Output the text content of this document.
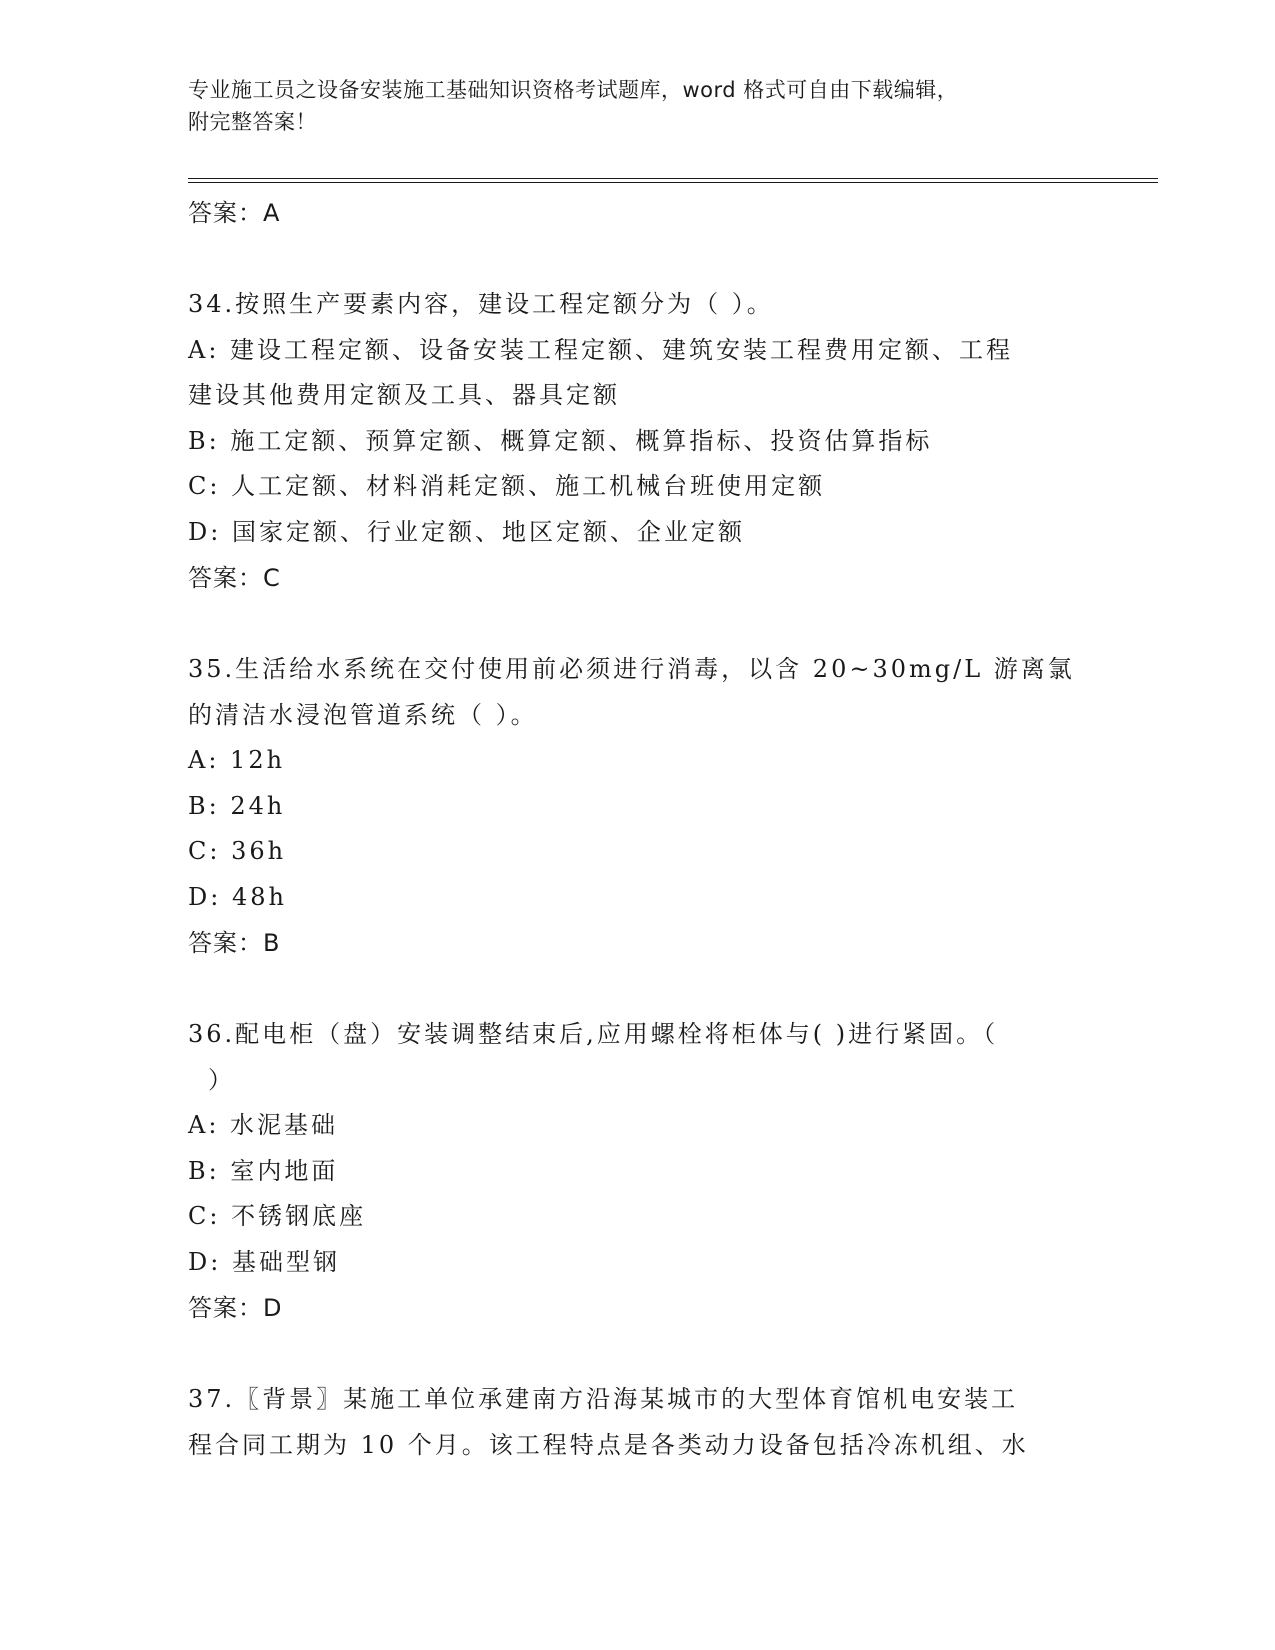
专业施工员之设备安装施工基础知识资格考试题库，word 格式可自由下载编辑，
附完整答案！
答案：A
34.按照生产要素内容，建设工程定额分为（ ）。
A: 建设工程定额、设备安装工程定额、建筑安装工程费用定额、工程
建设其他费用定额及工具、器具定额
B: 施工定额、预算定额、概算定额、概算指标、投资估算指标
C: 人工定额、材料消耗定额、施工机械台班使用定额
D: 国家定额、行业定额、地区定额、企业定额
答案：C
35.生活给水系统在交付使用前必须进行消毒，以含 20~30mg/L 游离氯
的清洁水浸泡管道系统（ ）。
A: 12h
B: 24h
C: 36h
D: 48h
答案：B
36.配电柜（盘）安装调整结束后,应用螺栓将柜体与( )进行紧固。（
）
A: 水泥基础
B: 室内地面
C: 不锈钢底座
D: 基础型钢
答案：D
37.〖背景〗某施工单位承建南方沿海某城市的大型体育馆机电安装工
程合同工期为 10 个月。该工程特点是各类动力设备包括冷冻机组、水
